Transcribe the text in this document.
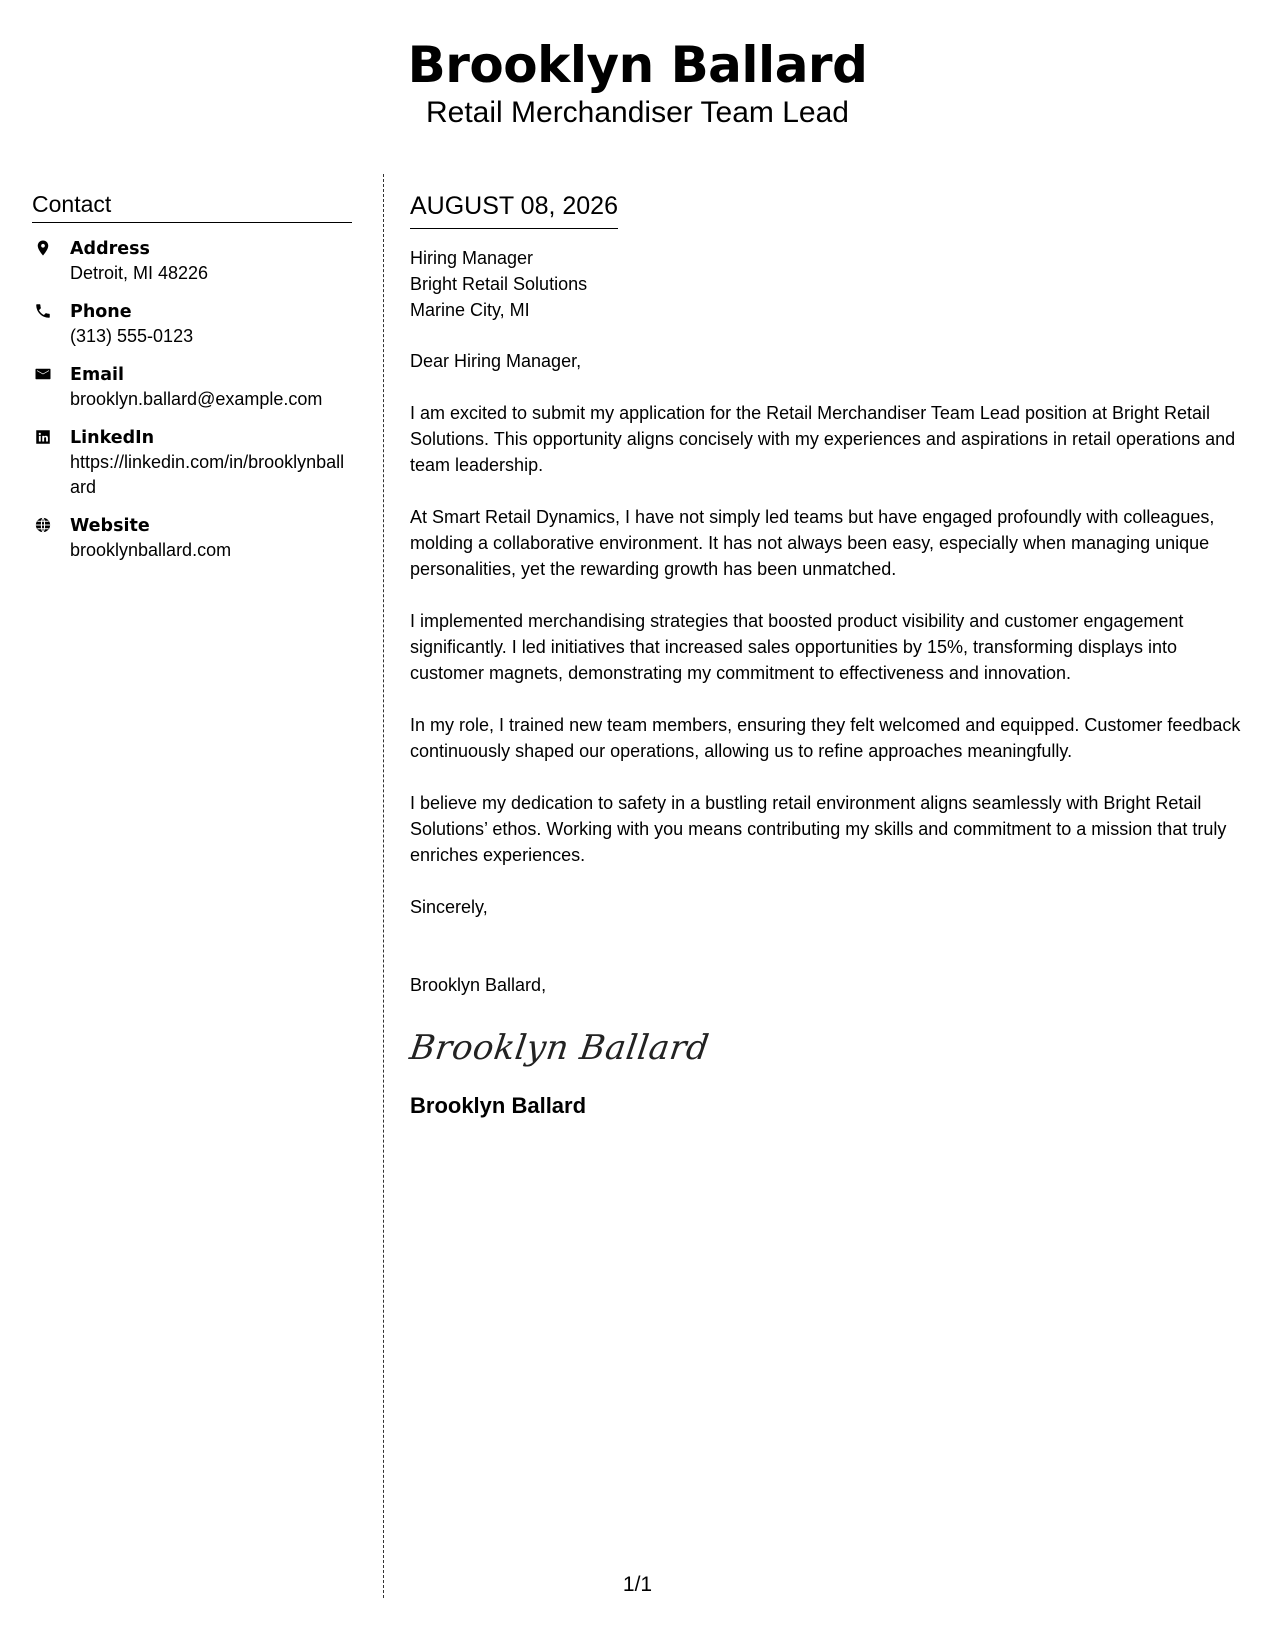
Brooklyn Ballard
Retail Merchandiser Team Lead
Contact
Address
Detroit, MI 48226
Phone
(313) 555-0123
Email
brooklyn.ballard@example.com
LinkedIn
https://linkedin.com/in/brooklynballard
Website
brooklynballard.com
AUGUST 08, 2026
Hiring Manager
Bright Retail Solutions
Marine City, MI
Dear Hiring Manager,
I am excited to submit my application for the Retail Merchandiser Team Lead position at Bright Retail Solutions. This opportunity aligns concisely with my experiences and aspirations in retail operations and team leadership.
At Smart Retail Dynamics, I have not simply led teams but have engaged profoundly with colleagues, molding a collaborative environment. It has not always been easy, especially when managing unique personalities, yet the rewarding growth has been unmatched.
I implemented merchandising strategies that boosted product visibility and customer engagement significantly. I led initiatives that increased sales opportunities by 15%, transforming displays into customer magnets, demonstrating my commitment to effectiveness and innovation.
In my role, I trained new team members, ensuring they felt welcomed and equipped. Customer feedback continuously shaped our operations, allowing us to refine approaches meaningfully.
I believe my dedication to safety in a bustling retail environment aligns seamlessly with Bright Retail Solutions’ ethos. Working with you means contributing my skills and commitment to a mission that truly enriches experiences.
Sincerely,
Brooklyn Ballard,
Brooklyn Ballard
Brooklyn Ballard
1/1
